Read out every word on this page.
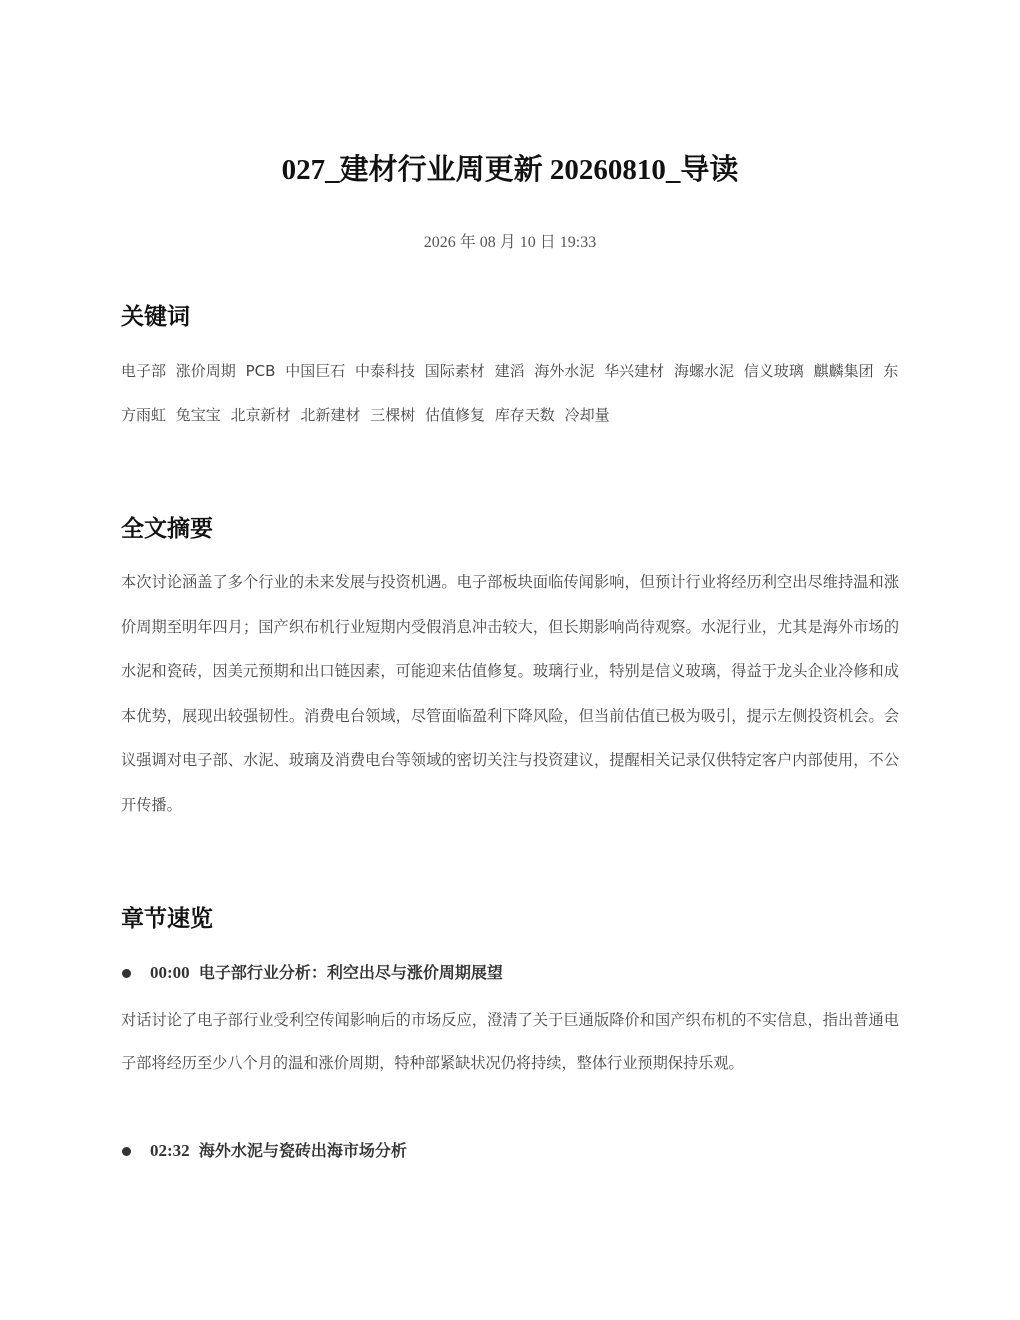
027_建材行业周更新 20260810_导读
2026 年 08 月 10 日 19:33
关键词
电子部 涨价周期 PCB 中国巨石 中泰科技 国际素材 建滔 海外水泥 华兴建材 海螺水泥 信义玻璃 麒麟集团 东方雨虹 兔宝宝 北京新材 北新建材 三棵树 估值修复 库存天数 冷却量
全文摘要

本次讨论涵盖了多个行业的未来发展与投资机遇。电子部板块面临传闻影响，但预计行业将经历利空出尽维持温和涨价周期至明年四月；国产织布机行业短期内受假消息冲击较大，但长期影响尚待观察。水泥行业，尤其是海外市场的水泥和瓷砖，因美元预期和出口链因素，可能迎来估值修复。玻璃行业，特别是信义玻璃，得益于龙头企业冷修和成本优势，展现出较强韧性。消费电台领域，尽管面临盈利下降风险，但当前估值已极为吸引，提示左侧投资机会。会议强调对电子部、水泥、玻璃及消费电台等领域的密切关注与投资建议，提醒相关记录仅供特定客户内部使用，不公开传播。

章节速览
00:00 电子部行业分析：利空出尽与涨价周期展望

对话讨论了电子部行业受利空传闻影响后的市场反应，澄清了关于巨通版降价和国产织布机的不实信息，指出普通电子部将经历至少八个月的温和涨价周期，特种部紧缺状况仍将持续，整体行业预期保持乐观。

02:32 海外水泥与瓷砖出海市场分析
